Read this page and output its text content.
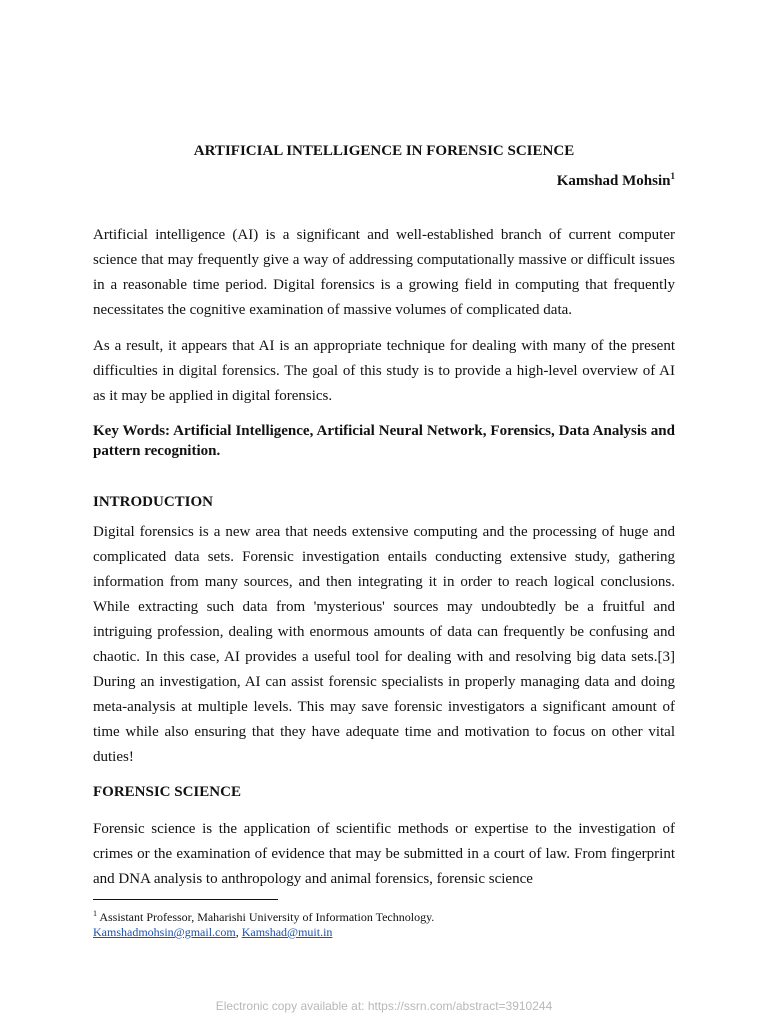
ARTIFICIAL INTELLIGENCE IN FORENSIC SCIENCE
Kamshad Mohsin$^1$
Artificial intelligence (AI) is a significant and well-established branch of current computer science that may frequently give a way of addressing computationally massive or difficult issues in a reasonable time period. Digital forensics is a growing field in computing that frequently necessitates the cognitive examination of massive volumes of complicated data.
As a result, it appears that AI is an appropriate technique for dealing with many of the present difficulties in digital forensics. The goal of this study is to provide a high-level overview of AI as it may be applied in digital forensics.
Key Words: Artificial Intelligence, Artificial Neural Network, Forensics, Data Analysis and pattern recognition.
INTRODUCTION
Digital forensics is a new area that needs extensive computing and the processing of huge and complicated data sets. Forensic investigation entails conducting extensive study, gathering information from many sources, and then integrating it in order to reach logical conclusions. While extracting such data from 'mysterious' sources may undoubtedly be a fruitful and intriguing profession, dealing with enormous amounts of data can frequently be confusing and chaotic. In this case, AI provides a useful tool for dealing with and resolving big data sets.[3] During an investigation, AI can assist forensic specialists in properly managing data and doing meta-analysis at multiple levels. This may save forensic investigators a significant amount of time while also ensuring that they have adequate time and motivation to focus on other vital duties!
FORENSIC SCIENCE
Forensic science is the application of scientific methods or expertise to the investigation of crimes or the examination of evidence that may be submitted in a court of law. From fingerprint and DNA analysis to anthropology and animal forensics, forensic science
$^1$ Assistant Professor, Maharishi University of Information Technology.
Kamshadmohsin@gmail.com, Kamshad@muit.in
Electronic copy available at: https://ssrn.com/abstract=3910244
